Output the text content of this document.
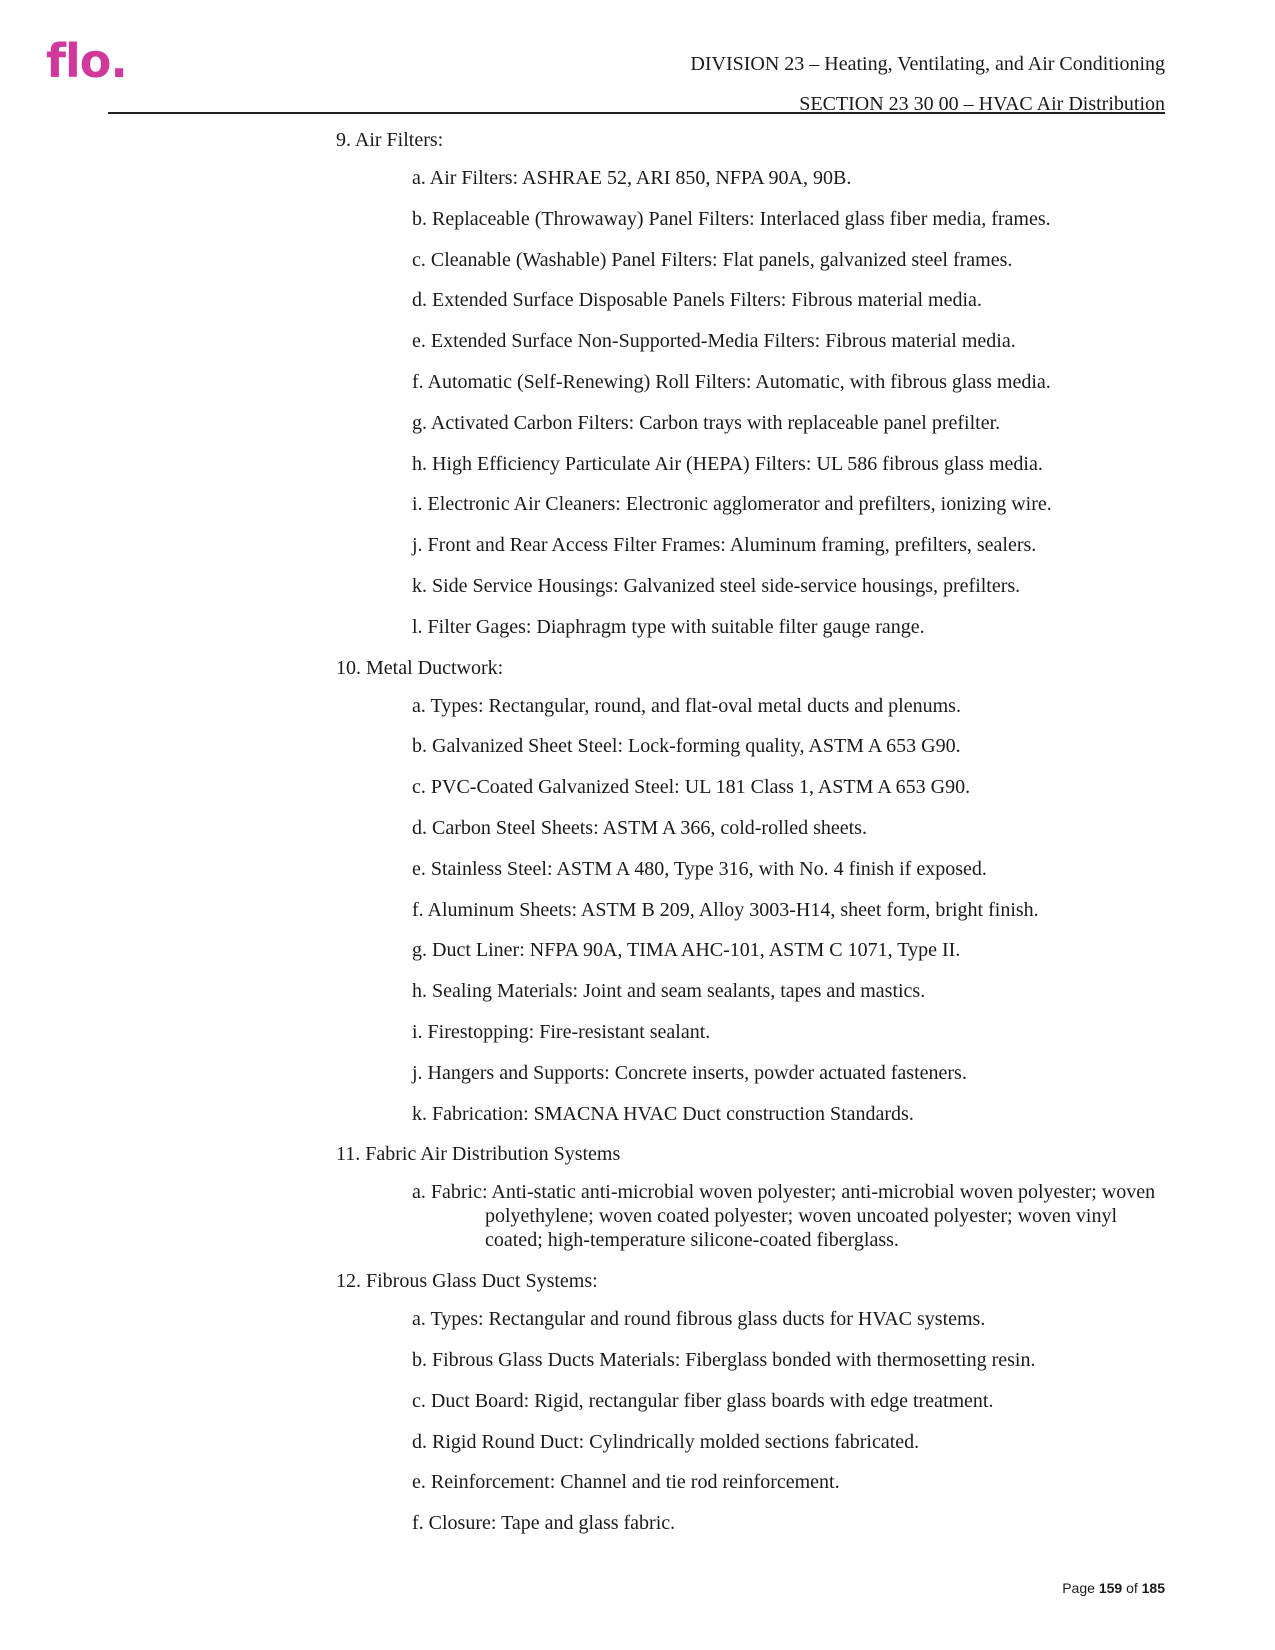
flo.	DIVISION 23 – Heating, Ventilating, and Air Conditioning
SECTION 23 30 00 – HVAC Air Distribution
9. Air Filters:
a. Air Filters: ASHRAE 52, ARI 850, NFPA 90A, 90B.
b. Replaceable (Throwaway) Panel Filters: Interlaced glass fiber media, frames.
c. Cleanable (Washable) Panel Filters: Flat panels, galvanized steel frames.
d. Extended Surface Disposable Panels Filters: Fibrous material media.
e. Extended Surface Non-Supported-Media Filters: Fibrous material media.
f. Automatic (Self-Renewing) Roll Filters: Automatic, with fibrous glass media.
g. Activated Carbon Filters: Carbon trays with replaceable panel prefilter.
h. High Efficiency Particulate Air (HEPA) Filters: UL 586 fibrous glass media.
i. Electronic Air Cleaners: Electronic agglomerator and prefilters, ionizing wire.
j. Front and Rear Access Filter Frames: Aluminum framing, prefilters, sealers.
k. Side Service Housings: Galvanized steel side-service housings, prefilters.
l. Filter Gages: Diaphragm type with suitable filter gauge range.
10. Metal Ductwork:
a. Types: Rectangular, round, and flat-oval metal ducts and plenums.
b. Galvanized Sheet Steel: Lock-forming quality, ASTM A 653 G90.
c. PVC-Coated Galvanized Steel: UL 181 Class 1, ASTM A 653 G90.
d. Carbon Steel Sheets: ASTM A 366, cold-rolled sheets.
e. Stainless Steel: ASTM A 480, Type 316, with No. 4 finish if exposed.
f. Aluminum Sheets: ASTM B 209, Alloy 3003-H14, sheet form, bright finish.
g. Duct Liner: NFPA 90A, TIMA AHC-101, ASTM C 1071, Type II.
h. Sealing Materials: Joint and seam sealants, tapes and mastics.
i. Firestopping: Fire-resistant sealant.
j. Hangers and Supports: Concrete inserts, powder actuated fasteners.
k. Fabrication: SMACNA HVAC Duct construction Standards.
11. Fabric Air Distribution Systems
a. Fabric: Anti-static anti-microbial woven polyester; anti-microbial woven polyester; woven polyethylene; woven coated polyester; woven uncoated polyester; woven vinyl coated; high-temperature silicone-coated fiberglass.
12. Fibrous Glass Duct Systems:
a. Types: Rectangular and round fibrous glass ducts for HVAC systems.
b. Fibrous Glass Ducts Materials: Fiberglass bonded with thermosetting resin.
c. Duct Board: Rigid, rectangular fiber glass boards with edge treatment.
d. Rigid Round Duct: Cylindrically molded sections fabricated.
e. Reinforcement: Channel and tie rod reinforcement.
f. Closure: Tape and glass fabric.
Page 159 of 185
